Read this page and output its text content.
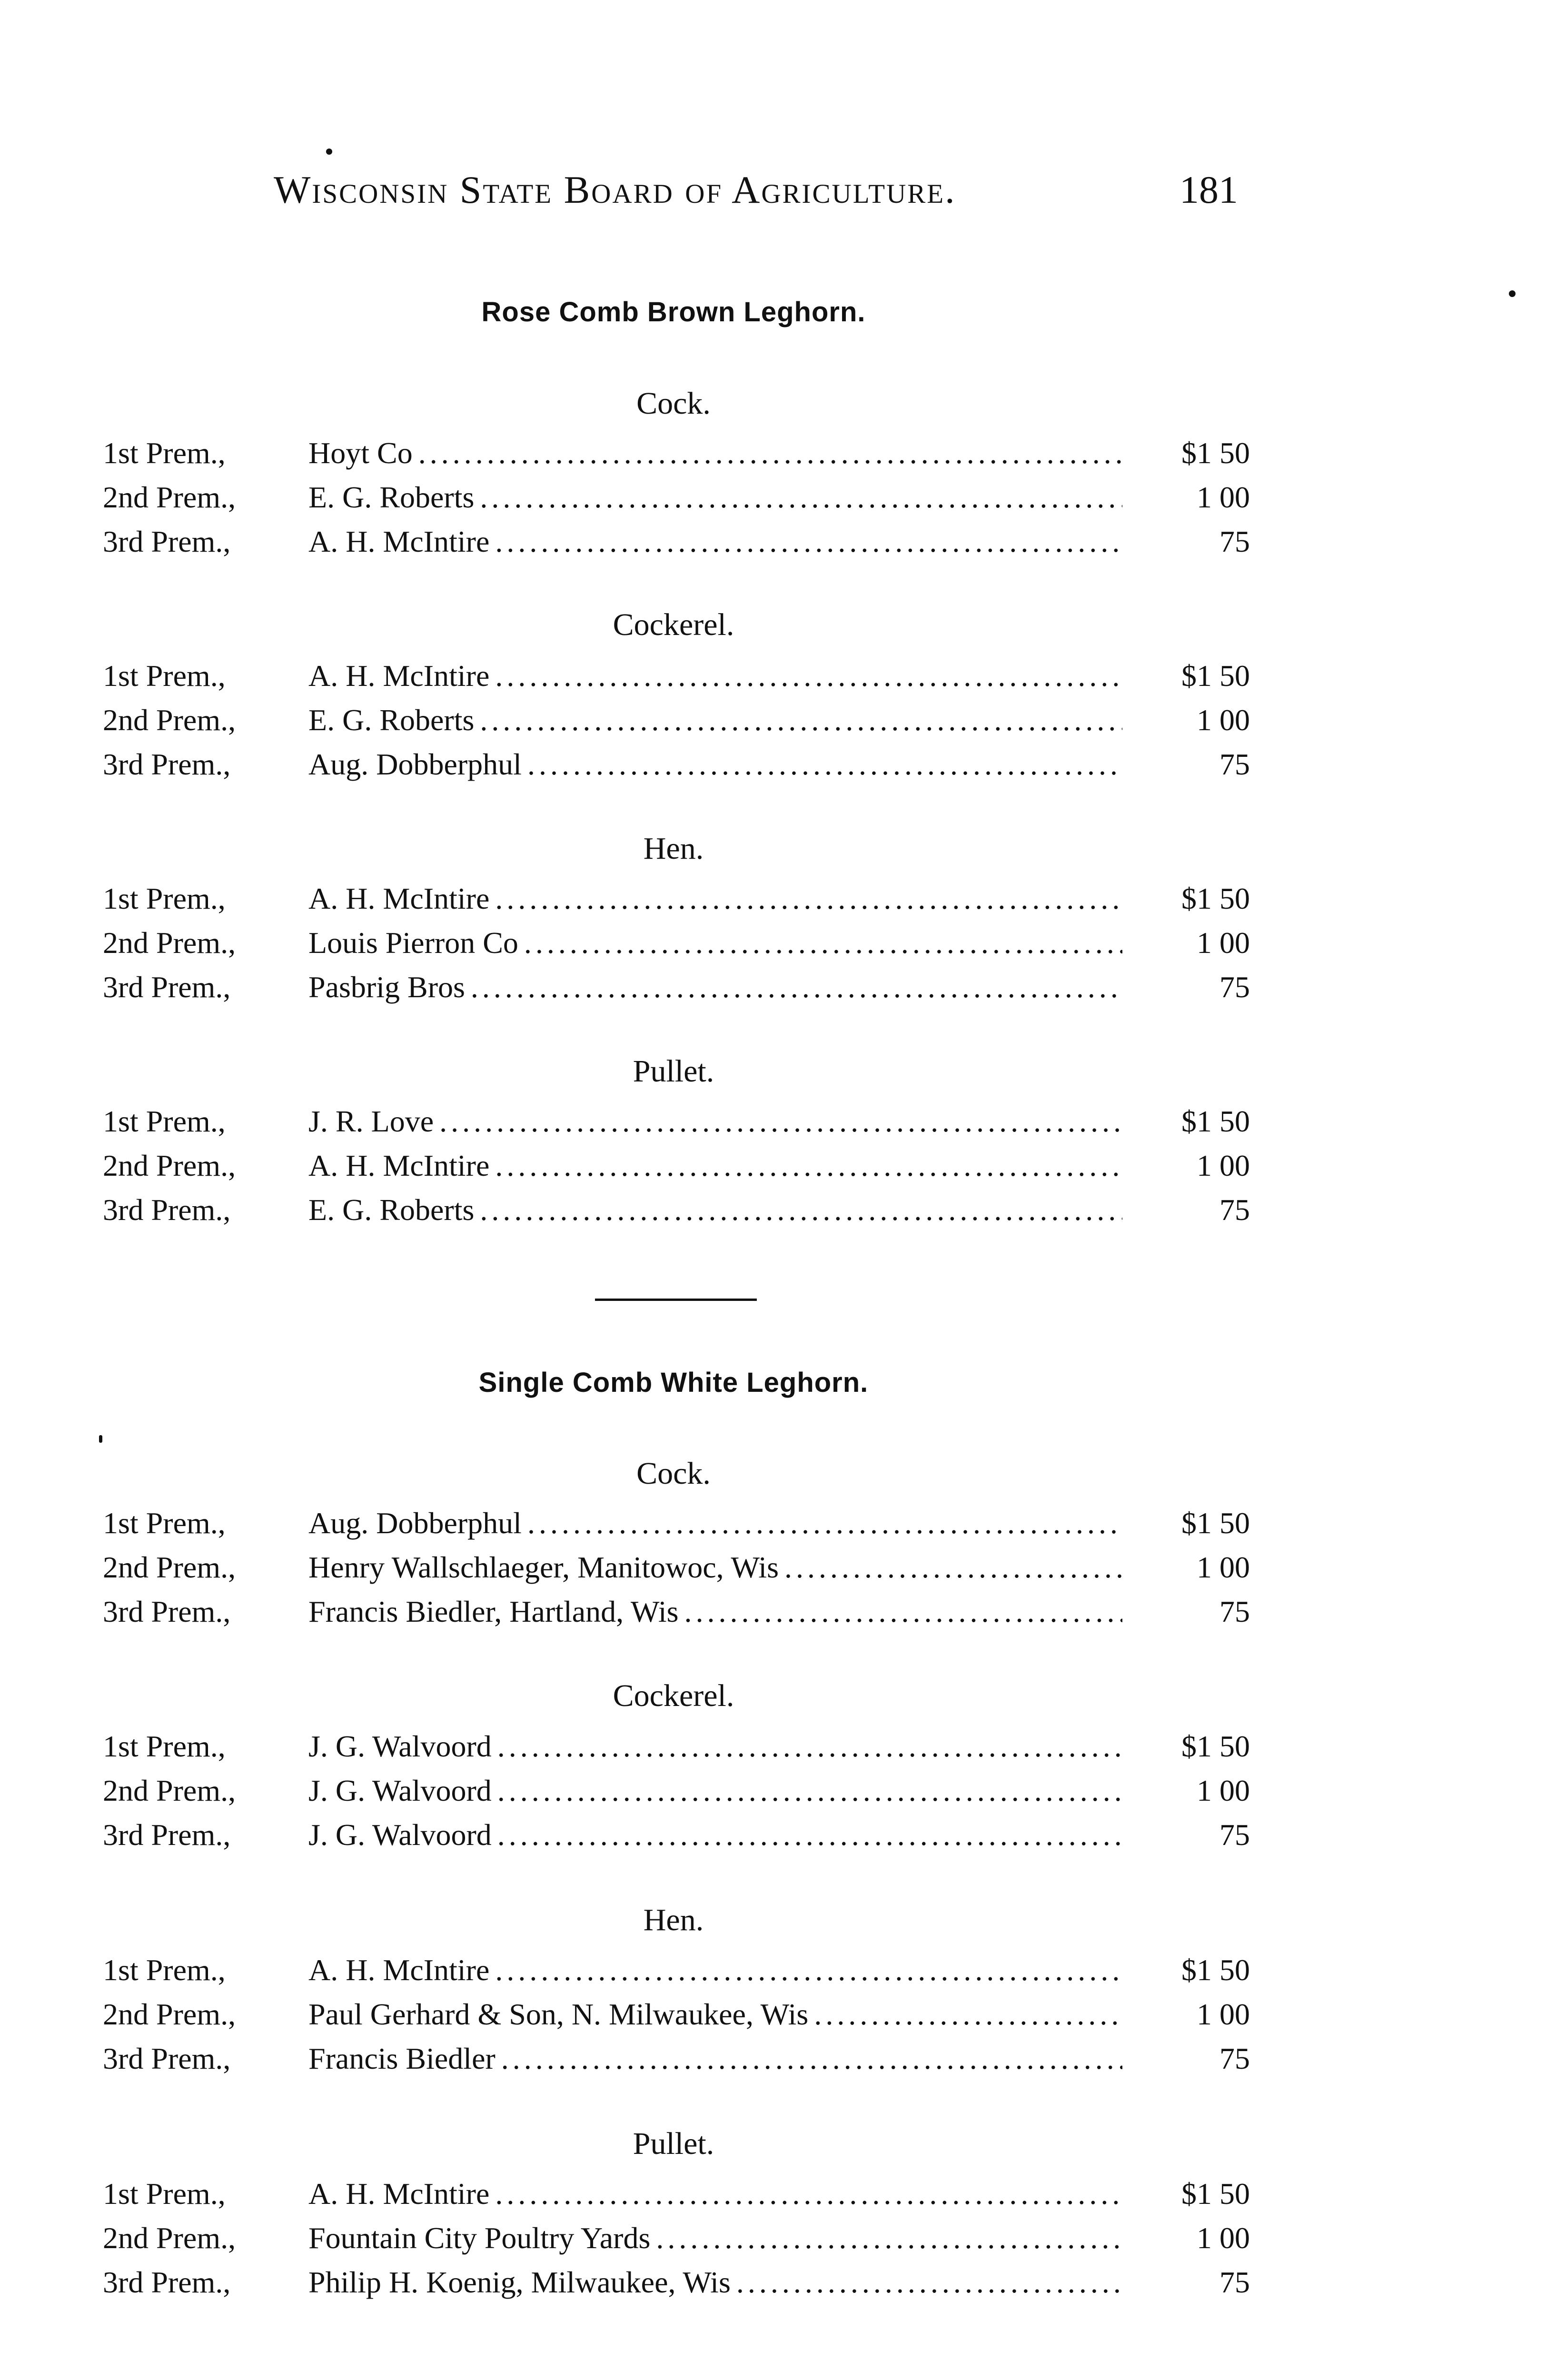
Wisconsin State Board of Agriculture.	181
Rose Comb Brown Leghorn.
Cock.
1st Prem.,	Hoyt Co . . .	$1 50
2nd Prem.,	E. G. Roberts . . .	1 00
3rd Prem.,	A. H. McIntire . . .	75
Cockerel.
1st Prem.,	A. H. McIntire . . .	$1 50
2nd Prem.,	E. G. Roberts . . .	1 00
3rd Prem.,	Aug. Dobberphul . . .	75
Hen.
1st Prem.,	A. H. McIntire . . .	$1 50
2nd Prem.,	Louis Pierron Co . . .	1 00
3rd Prem.,	Pasbrig Bros . . .	75
Pullet.
1st Prem.,	J. R. Love . . .	$1 50
2nd Prem.,	A. H. McIntire . . .	1 00
3rd Prem.,	E. G. Roberts . . .	75
Single Comb White Leghorn.
Cock.
1st Prem.,	Aug. Dobberphul . . .	$1 50
2nd Prem.,	Henry Wallschlaeger, Manitowoc, Wis . . .	1 00
3rd Prem.,	Francis Biedler, Hartland, Wis . . .	75
Cockerel.
1st Prem.,	J. G. Walvoord . . .	$1 50
2nd Prem.,	J. G. Walvoord . . .	1 00
3rd Prem.,	J. G. Walvoord . . .	75
Hen.
1st Prem.,	A. H. McIntire . . .	$1 50
2nd Prem.,	Paul Gerhard & Son, N. Milwaukee, Wis . . .	1 00
3rd Prem.,	Francis Biedler . . .	75
Pullet.
1st Prem.,	A. H. McIntire . . .	$1 50
2nd Prem.,	Fountain City Poultry Yards . . .	1 00
3rd Prem.,	Philip H. Koenig, Milwaukee, Wis . . .	75
